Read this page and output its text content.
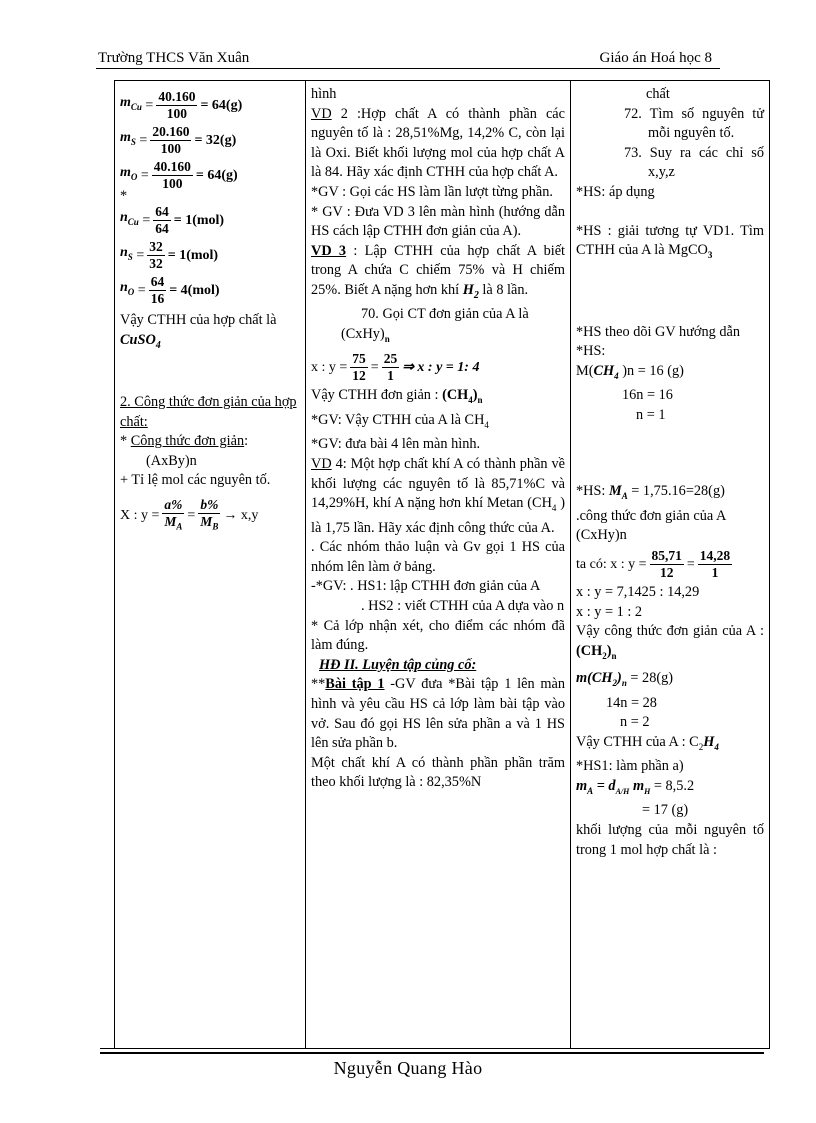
Trường THCS Văn Xuân	Giáo án Hoá học 8
$m_{Cu} = \frac{40.160}{100} = 64(g)$
$m_S = \frac{20.160}{100} = 32(g)$
$m_O = \frac{40.160}{100} = 64(g)$
*
$n_{Cu} = \frac{64}{64} = 1(mol)$
$n_S = \frac{32}{32} = 1(mol)$
$n_O = \frac{64}{16} = 4(mol)$
Vậy CTHH của hợp chất là CuSO$_4$
2. Công thức đơn giản của hợp chất:
* Công thức đơn giản:
(AxBy)n
+ Tỉ lệ mol các nguyên tố.
X : $y = \frac{a\%}{M_A} = \frac{b\%}{M_B} \to x,y$

hình
VD 2 :Hợp chất A có thành phần các nguyên tố là : 28,51%Mg, 14,2% C, còn lại là Oxi. Biết khối lượng mol của hợp chất A là 84. Hãy xác định CTHH của hợp chất A.
*GV : Gọi các HS làm lần lượt từng phần.
* GV : Đưa VD 3 lên màn hình (hướng dẫn HS cách lập CTHH đơn giản của A).
VD 3 : Lập CTHH của hợp chất A biết trong A chứa C chiếm 75% và H chiếm 25%. Biết A nặng hơn khí $H_2$ là 8 lần.
70. Gọi CT đơn giản của A là
$(CxHy)_n$
x : $y = \frac{75}{12} = \frac{25}{1}$ ⇒ x : y = 1: 4
Vậy CTHH đơn giản : $(CH_4)_n$
*GV: Vậy CTHH của A là $CH_4$
*GV: đưa bài 4 lên màn hình.
VD 4: Một hợp chất khí A có thành phần về khối lượng các nguyên tố là 85,71%C và 14,29%H, khí A nặng hơn khí Metan ($CH_4$ ) là 1,75 lần. Hãy xác định công thức của A.
. Các nhóm thảo luận và Gv gọi 1 HS của nhóm lên làm ở bảng.
-*GV: . HS1: lập CTHH đơn giản của A
. HS2 : viết CTHH của A dựa vào n
* Cả lớp nhận xét, cho điểm các nhóm đã làm đúng.
HĐ II. Luyện tập củng cố:
**Bài tập 1 -GV đưa *Bài tập 1 lên màn hình và yêu cầu HS cả lớp làm bài tập vào vở. Sau đó gọi HS lên sửa phần a và 1 HS lên sửa phần b.
Một chất khí A có thành phần phần trăm theo khối lượng là : 82,35%N

chất
72. Tìm số nguyên tử mỗi nguyên tố.
73. Suy ra các chỉ số x,y,z
*HS: áp dụng
*HS : giải tương tự VD1. Tìm CTHH của A là MgCO$_3$
*HS theo dõi GV hướng dẫn
*HS:
$M(CH_4$ )n = 16 (g)
16n = 16
n = 1
*HS: $M_A = 1,75.16=28(g)$
.công thức đơn giản của A
(CxHy)n
ta có: x : $y = \frac{85,71}{12} = \frac{14,28}{1}$
x : y = 7,1425 : 14,29
x : y = 1 : 2
Vậy công thức đơn giản của A : $(CH_2)_n$
$m(CH_2)_n = 28(g)$
14n = 28
n = 2
Vậy CTHH của A : $C_2H_4$
*HS1: làm phần a)
$m_A = d_{A/H}$ $m_H = 8,5.2$
= 17 (g)
khối lượng của mỗi nguyên tố trong 1 mol hợp chất là :
Nguyễn Quang Hào
